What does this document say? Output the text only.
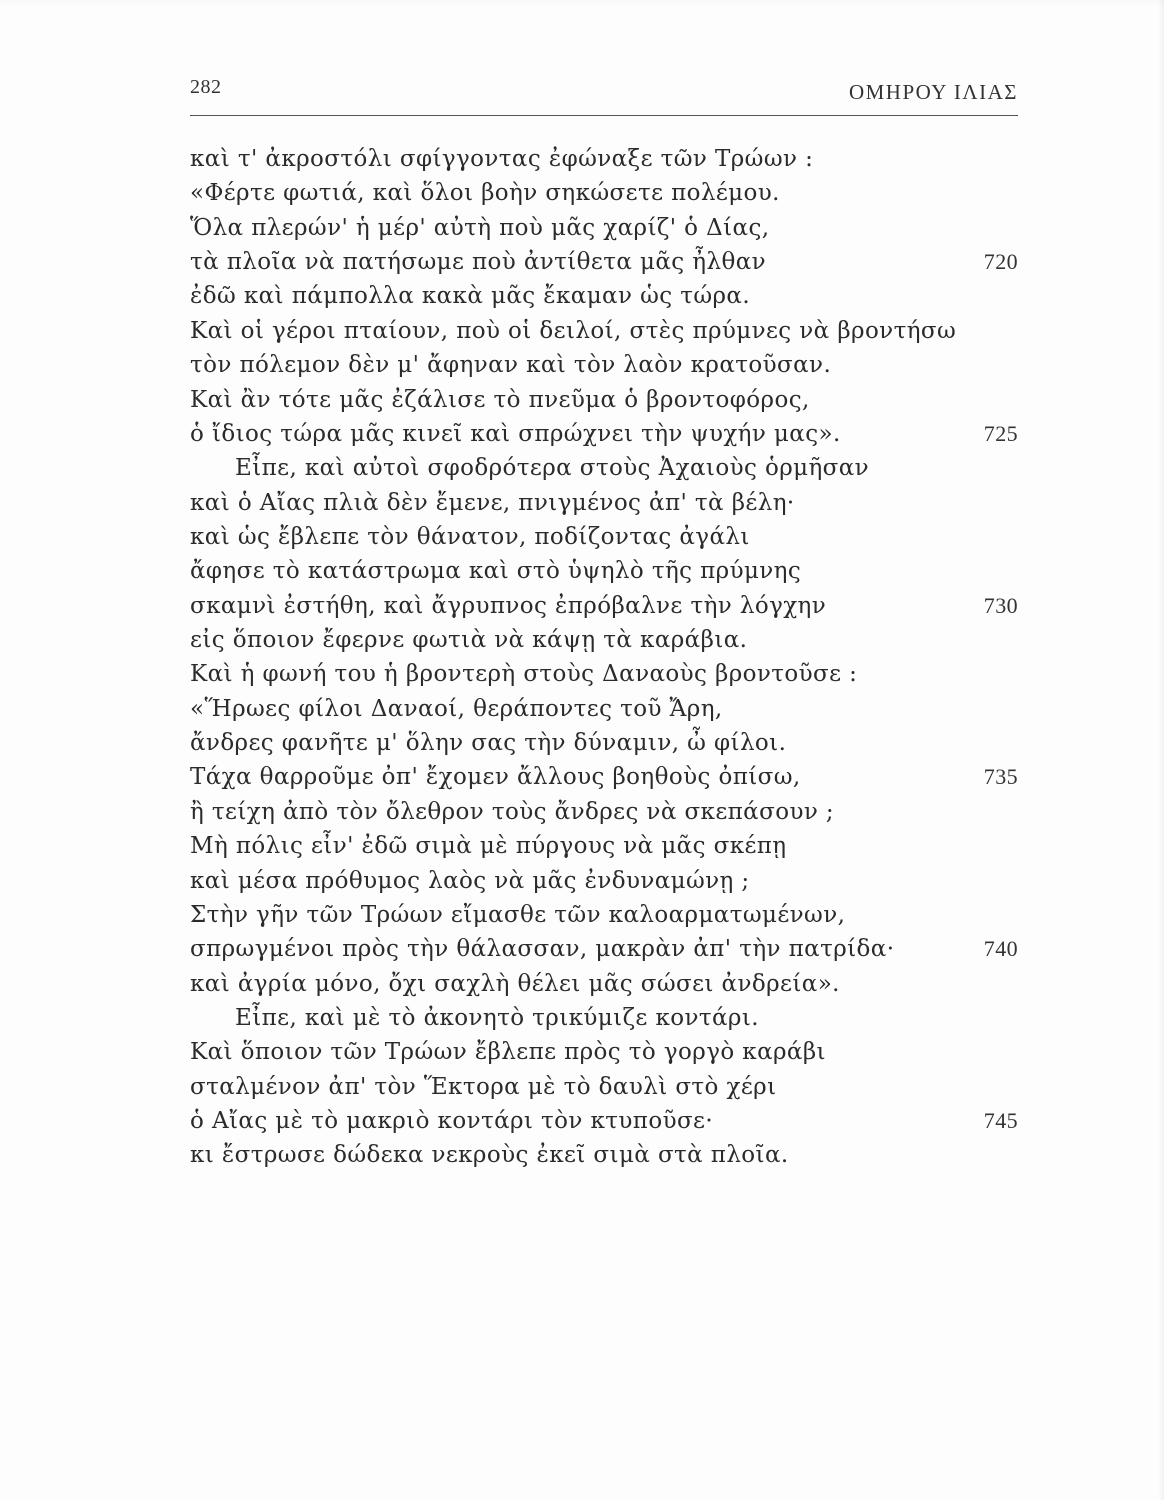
282	ΟΜΗΡΟΥ ΙΛΙΑΣ
καὶ τ' ἀκροστόλι σφίγγοντας ἐφώναξε τῶν Τρώων :
«Φέρτε φωτιά, καὶ ὅλοι βοὴν σηκώσετε πολέμου.
Ὅλα πλερών' ἡ μέρ' αὐτὴ ποὺ μᾶς χαρίζ' ὁ Δίας,
τὰ πλοῖα νὰ πατήσωμε ποὺ ἀντίθετα μᾶς ἦλθαν	720
ἐδῶ καὶ πάμπολλα κακὰ μᾶς ἔκαμαν ὡς τώρα.
Καὶ οἱ γέροι πταίουν, ποὺ οἱ δειλοί, στὲς πρύμνες νὰ βροντήσω
τὸν πόλεμον δὲν μ' ἄφηναν καὶ τὸν λαὸν κρατοῦσαν.
Καὶ ἂν τότε μᾶς ἐζάλισε τὸ πνεῦμα ὁ βροντοφόρος,
ὁ ἴδιος τώρα μᾶς κινεῖ καὶ σπρώχνει τὴν ψυχήν μας».	725
Εἶπε, καὶ αὐτοὶ σφοδρότερα στοὺς Ἀχαιοὺς ὁρμῆσαν
καὶ ὁ Αἴας πλιὰ δὲν ἔμενε, πνιγμένος ἀπ' τὰ βέλη·
καὶ ὡς ἔβλεπε τὸν θάνατον, ποδίζοντας ἀγάλι
ἄφησε τὸ κατάστρωμα καὶ στὸ ὑψηλὸ τῆς πρύμνης
σκαμνὶ ἐστήθη, καὶ ἄγρυπνος ἐπρόβαλνε τὴν λόγχην	730
εἰς ὅποιον ἔφερνε φωτιὰ νὰ κάψῃ τὰ καράβια.
Καὶ ἡ φωνή του ἡ βροντερὴ στοὺς Δαναοὺς βροντοῦσε :
«Ἥρωες φίλοι Δαναοί, θεράποντες τοῦ Ἄρη,
ἄνδρες φανῆτε μ' ὅλην σας τὴν δύναμιν, ὦ φίλοι.
Τάχα θαρροῦμε ὀπ' ἔχομεν ἄλλους βοηθοὺς ὀπίσω,	735
ἢ τείχη ἀπὸ τὸν ὄλεθρον τοὺς ἄνδρες νὰ σκεπάσουν ;
Μὴ πόλις εἶν' ἐδῶ σιμὰ μὲ πύργους νὰ μᾶς σκέπῃ
καὶ μέσα πρόθυμος λαὸς νὰ μᾶς ἐνδυναμώνῃ ;
Στὴν γῆν τῶν Τρώων εἴμασθε τῶν καλοαρματωμένων,
σπρωγμένοι πρὸς τὴν θάλασσαν, μακρὰν ἀπ' τὴν πατρίδα·	740
καὶ ἀγρία μόνο, ὄχι σαχλὴ θέλει μᾶς σώσει ἀνδρεία».
Εἶπε, καὶ μὲ τὸ ἀκονητὸ τρικύμιζε κοντάρι.
Καὶ ὅποιον τῶν Τρώων ἔβλεπε πρὸς τὸ γοργὸ καράβι
σταλμένον ἀπ' τὸν Ἕκτορα μὲ τὸ δαυλὶ στὸ χέρι
ὁ Αἴας μὲ τὸ μακριὸ κοντάρι τὸν κτυποῦσε·	745
κι ἔστρωσε δώδεκα νεκροὺς ἐκεῖ σιμὰ στὰ πλοῖα.
